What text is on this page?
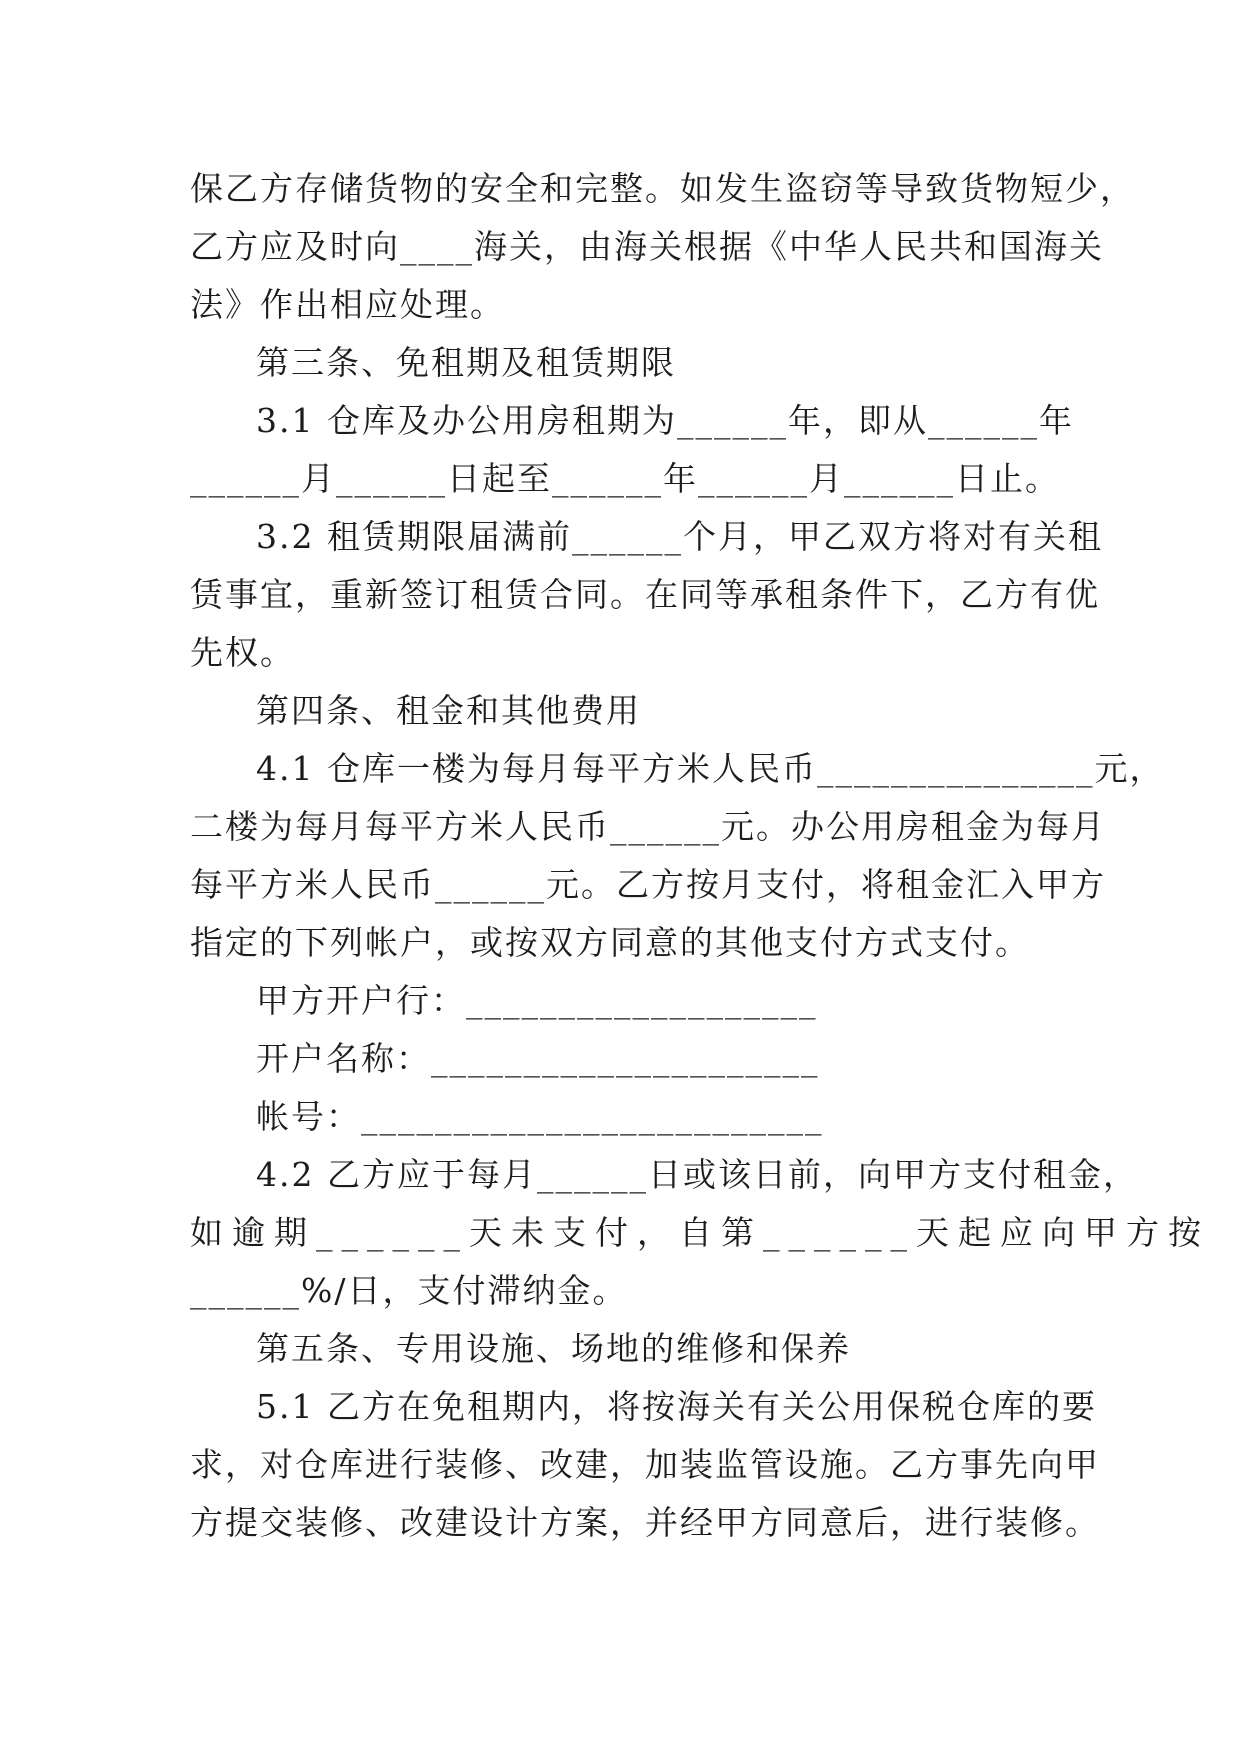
保乙方存储货物的安全和完整。如发生盗窃等导致货物短少，
乙方应及时向____海关，由海关根据《中华人民共和国海关
法》作出相应处理。
第三条、免租期及租赁期限
3.1 仓库及办公用房租期为______年，即从______年
______月______日起至______年______月______日止。
3.2 租赁期限届满前______个月，甲乙双方将对有关租
赁事宜，重新签订租赁合同。在同等承租条件下，乙方有优
先权。
第四条、租金和其他费用
4.1 仓库一楼为每月每平方米人民币_______________元，
二楼为每月每平方米人民币______元。办公用房租金为每月
每平方米人民币______元。乙方按月支付，将租金汇入甲方
指定的下列帐户，或按双方同意的其他支付方式支付。
甲方开户行：___________________
开户名称：_____________________
帐号：_________________________
4.2 乙方应于每月______日或该日前，向甲方支付租金，
如逾期______天未支付，自第______天起应向甲方按
______%/日，支付滞纳金。
第五条、专用设施、场地的维修和保养
5.1 乙方在免租期内，将按海关有关公用保税仓库的要
求，对仓库进行装修、改建，加装监管设施。乙方事先向甲
方提交装修、改建设计方案，并经甲方同意后，进行装修。
